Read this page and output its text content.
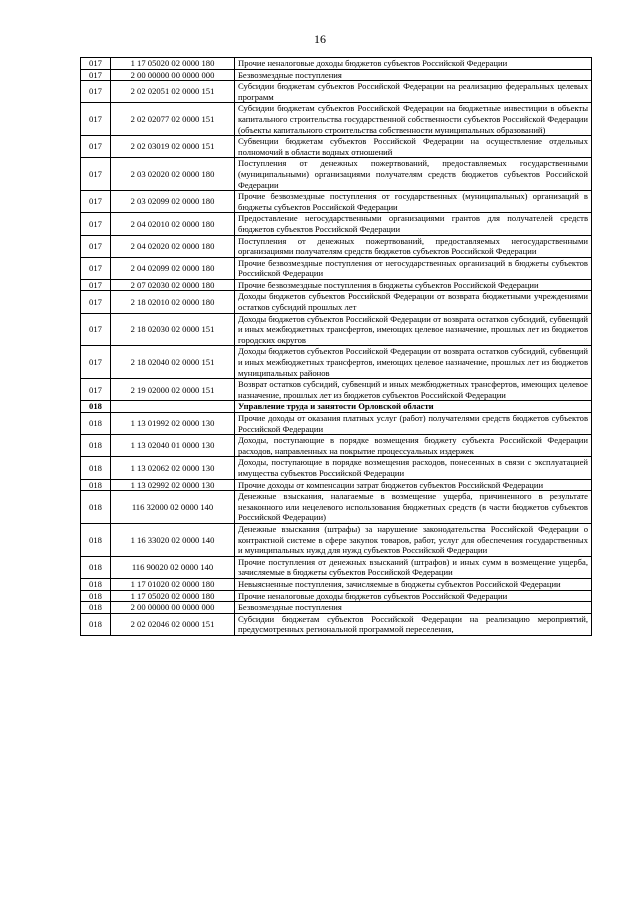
16
017	1 17 05020 02 0000 180	Прочие неналоговые доходы бюджетов субъектов Российской Федерации
017	2 00 00000 00 0000 000	Безвозмездные поступления
017	2 02 02051 02 0000 151	Субсидии бюджетам субъектов Российской Федерации на реализацию федеральных целевых программ
017	2 02 02077 02 0000 151	Субсидии бюджетам субъектов Российской Федерации на бюджетные инвестиции в объекты капитального строительства государственной собственности субъектов Российской Федерации (объекты капитального строительства собственности муниципальных образований)
017	2 02 03019 02 0000 151	Субвенции бюджетам субъектов Российской Федерации на осуществление отдельных полномочий в области водных отношений
017	2 03 02020 02 0000 180	Поступления от денежных пожертвований, предоставляемых государственными (муниципальными) организациями получателям средств бюджетов субъектов Российской Федерации
017	2 03 02099 02 0000 180	Прочие безвозмездные поступления от государственных (муниципальных) организаций в бюджеты субъектов Российской Федерации
017	2 04 02010 02 0000 180	Предоставление негосударственными организациями грантов для получателей средств бюджетов субъектов Российской Федерации
017	2 04 02020 02 0000 180	Поступления от денежных пожертвований, предоставляемых негосударственными организациями получателям средств бюджетов субъектов Российской Федерации
017	2 04 02099 02 0000 180	Прочие безвозмездные поступления от негосударственных организаций в бюджеты субъектов Российской Федерации
017	2 07 02030 02 0000 180	Прочие безвозмездные поступления в бюджеты субъектов Российской Федерации
017	2 18 02010 02 0000 180	Доходы бюджетов субъектов Российской Федерации от возврата бюджетными учреждениями остатков субсидий прошлых лет
017	2 18 02030 02 0000 151	Доходы бюджетов субъектов Российской Федерации от возврата остатков субсидий, субвенций и иных межбюджетных трансфертов, имеющих целевое назначение, прошлых лет из бюджетов городских округов
017	2 18 02040 02 0000 151	Доходы бюджетов субъектов Российской Федерации от возврата остатков субсидий, субвенций и иных межбюджетных трансфертов, имеющих целевое назначение, прошлых лет из бюджетов муниципальных районов
017	2 19 02000 02 0000 151	Возврат остатков субсидий, субвенций и иных межбюджетных трансфертов, имеющих целевое назначение, прошлых лет из бюджетов субъектов Российской Федерации
018		Управление труда и занятости Орловской области
018	1 13 01992 02 0000 130	Прочие доходы от оказания платных услуг (работ) получателями средств бюджетов субъектов Российской Федерации
018	1 13 02040 01 0000 130	Доходы, поступающие в порядке возмещения бюджету субъекта Российской Федерации расходов, направленных на покрытие процессуальных издержек
018	1 13 02062 02 0000 130	Доходы, поступающие в порядке возмещения расходов, понесенных в связи с эксплуатацией имущества субъектов Российской Федерации
018	1 13 02992 02 0000 130	Прочие доходы от компенсации затрат бюджетов субъектов Российской Федерации
018	116 32000 02 0000 140	Денежные взыскания, налагаемые в возмещение ущерба, причиненного в результате незаконного или нецелевого использования бюджетных средств (в части бюджетов субъектов Российской Федерации)
018	1 16 33020 02 0000 140	Денежные взыскания (штрафы) за нарушение законодательства Российской Федерации о контрактной системе в сфере закупок товаров, работ, услуг для обеспечения государственных и муниципальных нужд для нужд субъектов Российской Федерации
018	116 90020 02 0000 140	Прочие поступления от денежных взысканий (штрафов) и иных сумм в возмещение ущерба, зачисляемые в бюджеты субъектов Российской Федерации
018	1 17 01020 02 0000 180	Невыясненные поступления, зачисляемые в бюджеты субъектов Российской Федерации
018	1 17 05020 02 0000 180	Прочие неналоговые доходы бюджетов субъектов Российской Федерации
018	2 00 00000 00 0000 000	Безвозмездные поступления
018	2 02 02046 02 0000 151	Субсидии бюджетам субъектов Российской Федерации на реализацию мероприятий, предусмотренных региональной программой переселения,
